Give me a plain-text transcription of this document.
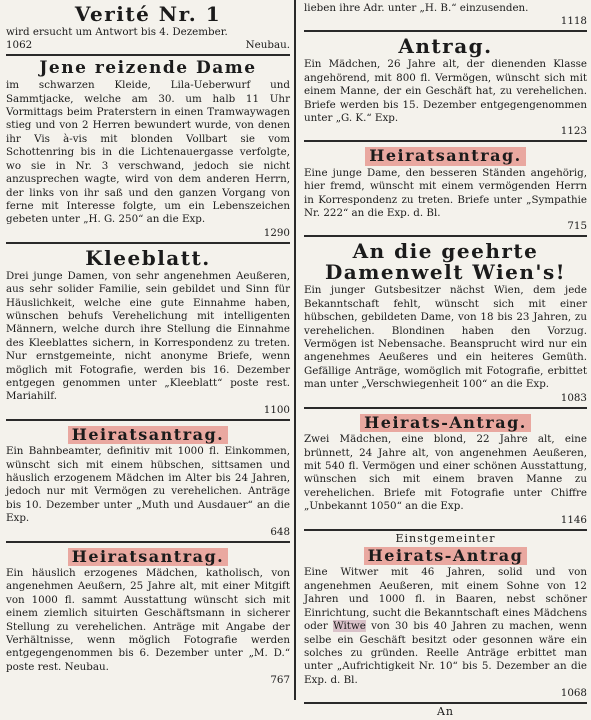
Verité Nr. 1

wird ersucht um Antwort bis 4. Dezember.

1062	Neubau.
Jene reizende Dame

im schwarzen Kleide, Lila-Ueberwurf und Sammtjacke, welche am 30. um halb 11 Uhr Vormittags beim Praterstern in einen Tramwaywagen stieg und von 2 Herren bewundert wurde, von denen ihr Vis à-vis mit blonden Vollbart sie vom Schottenring bis in die Lichtenauergasse verfolgte, wo sie in Nr. 3 verschwand, jedoch sie nicht anzusprechen wagte, wird von dem anderen Herrn, der links von ihr saß und den ganzen Vorgang von ferne mit Interesse folgte, um ein Lebenszeichen gebeten unter „H. G. 250“ an die Exp.

1290
Kleeblatt.

Drei junge Damen, von sehr angenehmen Aeußeren, aus sehr solider Familie, sein gebildet und Sinn für Häuslichkeit, welche eine gute Einnahme haben, wünschen behufs Verehelichung mit intelligenten Männern, welche durch ihre Stellung die Einnahme des Kleeblattes sichern, in Korrespondenz zu treten. Nur ernstgemeinte, nicht anonyme Briefe, wenn möglich mit Fotografie, werden bis 16. Dezember entgegen genommen unter „Kleeblatt“ poste rest. Mariahilf.

1100
Heiratsantrag.

Ein Bahnbeamter, definitiv mit 1000 fl. Einkommen, wünscht sich mit einem hübschen, sittsamen und häuslich erzogenem Mädchen im Alter bis 24 Jahren, jedoch nur mit Vermögen zu verehelichen. Anträge bis 10. Dezember unter „Muth und Ausdauer“ an die Exp.

648
Heiratsantrag.

Ein häuslich erzogenes Mädchen, katholisch, von angenehmen Aeußern, 25 Jahre alt, mit einer Mitgift von 1000 fl. sammt Ausstattung wünscht sich mit einem ziemlich situirten Geschäftsmann in sicherer Stellung zu verehelichen. Anträge mit Angabe der Verhältnisse, wenn möglich Fotografie werden entgegengenommen bis 6. Dezember unter „M. D.“ poste rest. Neubau.

767

lieben ihre Adr. unter „H. B.“ einzusenden.

1118
Antrag.

Ein Mädchen, 26 Jahre alt, der dienenden Klasse angehörend, mit 800 fl. Vermögen, wünscht sich mit einem Manne, der ein Geschäft hat, zu verehelichen. Briefe werden bis 15. Dezember entgegengenommen unter „G. K.“ Exp.

1123
Heiratsantrag.

Eine junge Dame, den besseren Ständen angehörig, hier fremd, wünscht mit einem vermögenden Herrn in Korrespondenz zu treten. Briefe unter „Sympathie Nr. 222“ an die Exp. d. Bl.

715
An die geehrte Damenwelt Wien's!

Ein junger Gutsbesitzer nächst Wien, dem jede Bekanntschaft fehlt, wünscht sich mit einer hübschen, gebildeten Dame, von 18 bis 23 Jahren, zu verehelichen. Blondinen haben den Vorzug. Vermögen ist Nebensache. Beansprucht wird nur ein angenehmes Aeußeres und ein heiteres Gemüth. Gefällige Anträge, womöglich mit Fotografie, erbittet man unter „Verschwiegenheit 100“ an die Exp.

1083
Heirats-Antrag.

Zwei Mädchen, eine blond, 22 Jahre alt, eine brünnett, 24 Jahre alt, von angenehmen Aeußeren, mit 540 fl. Vermögen und einer schönen Ausstattung, wünschen sich mit einem braven Manne zu verehelichen. Briefe mit Fotografie unter Chiffre „Unbekannt 1050“ an die Exp.

1146
Einstgemeinter
Heirats-Antrag

Eine Witwer mit 46 Jahren, solid und von angenehmen Aeußeren, mit einem Sohne von 12 Jahren und 1000 fl. in Baaren, nebst schöner Einrichtung, sucht die Bekanntschaft eines Mädchens oder Witwe von 30 bis 40 Jahren zu machen, wenn selbe ein Geschäft besitzt oder gesonnen wäre ein solches zu gründen. Reelle Anträge erbittet man unter „Aufrichtigkeit Nr. 10“ bis 5. Dezember an die Exp. d. Bl.

1068
An
